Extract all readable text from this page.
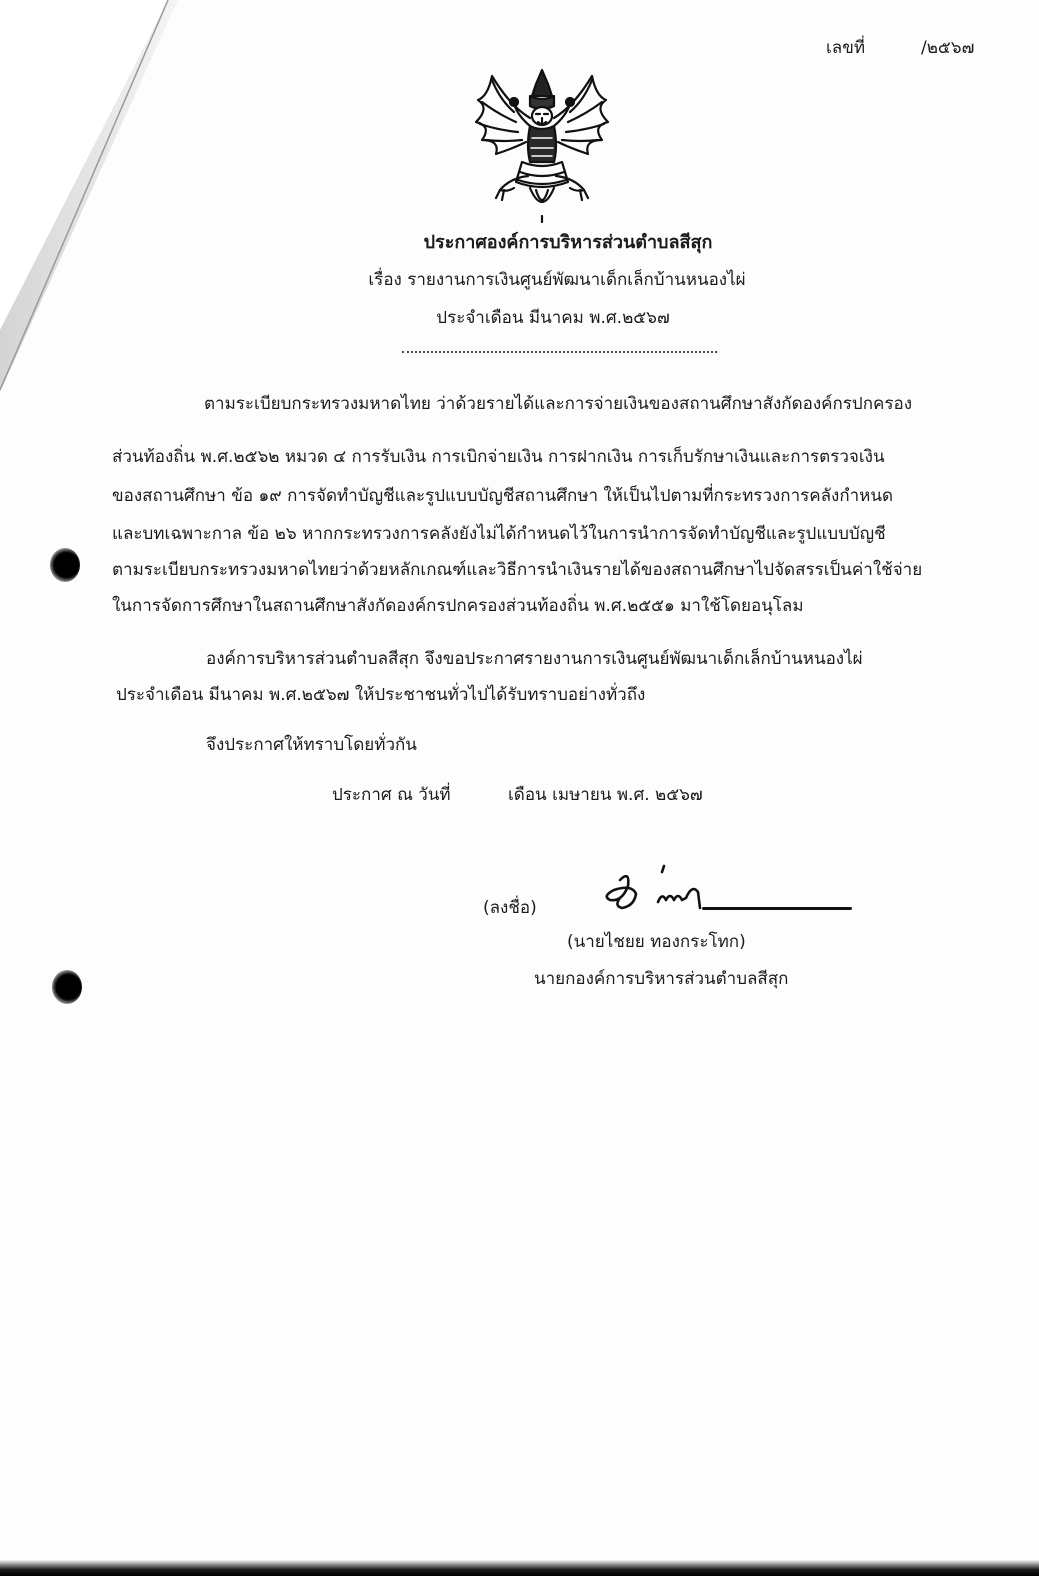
เลขที่	/๒๕๖๗
ประกาศองค์การบริหารส่วนตำบลสีสุก
เรื่อง รายงานการเงินศูนย์พัฒนาเด็กเล็กบ้านหนองไผ่
ประจำเดือน มีนาคม พ.ศ.๒๕๖๗
ตามระเบียบกระทรวงมหาดไทย ว่าด้วยรายได้และการจ่ายเงินของสถานศึกษาสังกัดองค์กรปกครอง
ส่วนท้องถิ่น พ.ศ.๒๕๖๒ หมวด ๔ การรับเงิน การเบิกจ่ายเงิน การฝากเงิน การเก็บรักษาเงินและการตรวจเงิน
ของสถานศึกษา ข้อ ๑๙ การจัดทำบัญชีและรูปแบบบัญชีสถานศึกษา ให้เป็นไปตามที่กระทรวงการคลังกำหนด
และบทเฉพาะกาล ข้อ ๒๖ หากกระทรวงการคลังยังไม่ได้กำหนดไว้ในการนำการจัดทำบัญชีและรูปแบบบัญชี
ตามระเบียบกระทรวงมหาดไทยว่าด้วยหลักเกณฑ์และวิธีการนำเงินรายได้ของสถานศึกษาไปจัดสรรเป็นค่าใช้จ่าย
ในการจัดการศึกษาในสถานศึกษาสังกัดองค์กรปกครองส่วนท้องถิ่น พ.ศ.๒๕๕๑ มาใช้โดยอนุโลม
องค์การบริหารส่วนตำบลสีสุก จึงขอประกาศรายงานการเงินศูนย์พัฒนาเด็กเล็กบ้านหนองไผ่
ประจำเดือน มีนาคม พ.ศ.๒๕๖๗ ให้ประชาชนทั่วไปได้รับทราบอย่างทั่วถึง
จึงประกาศให้ทราบโดยทั่วกัน
ประกาศ ณ วันที่	เดือน เมษายน พ.ศ. ๒๕๖๗
(ลงชื่อ)
(นายไชยย ทองกระโทก)
นายกองค์การบริหารส่วนตำบลสีสุก
